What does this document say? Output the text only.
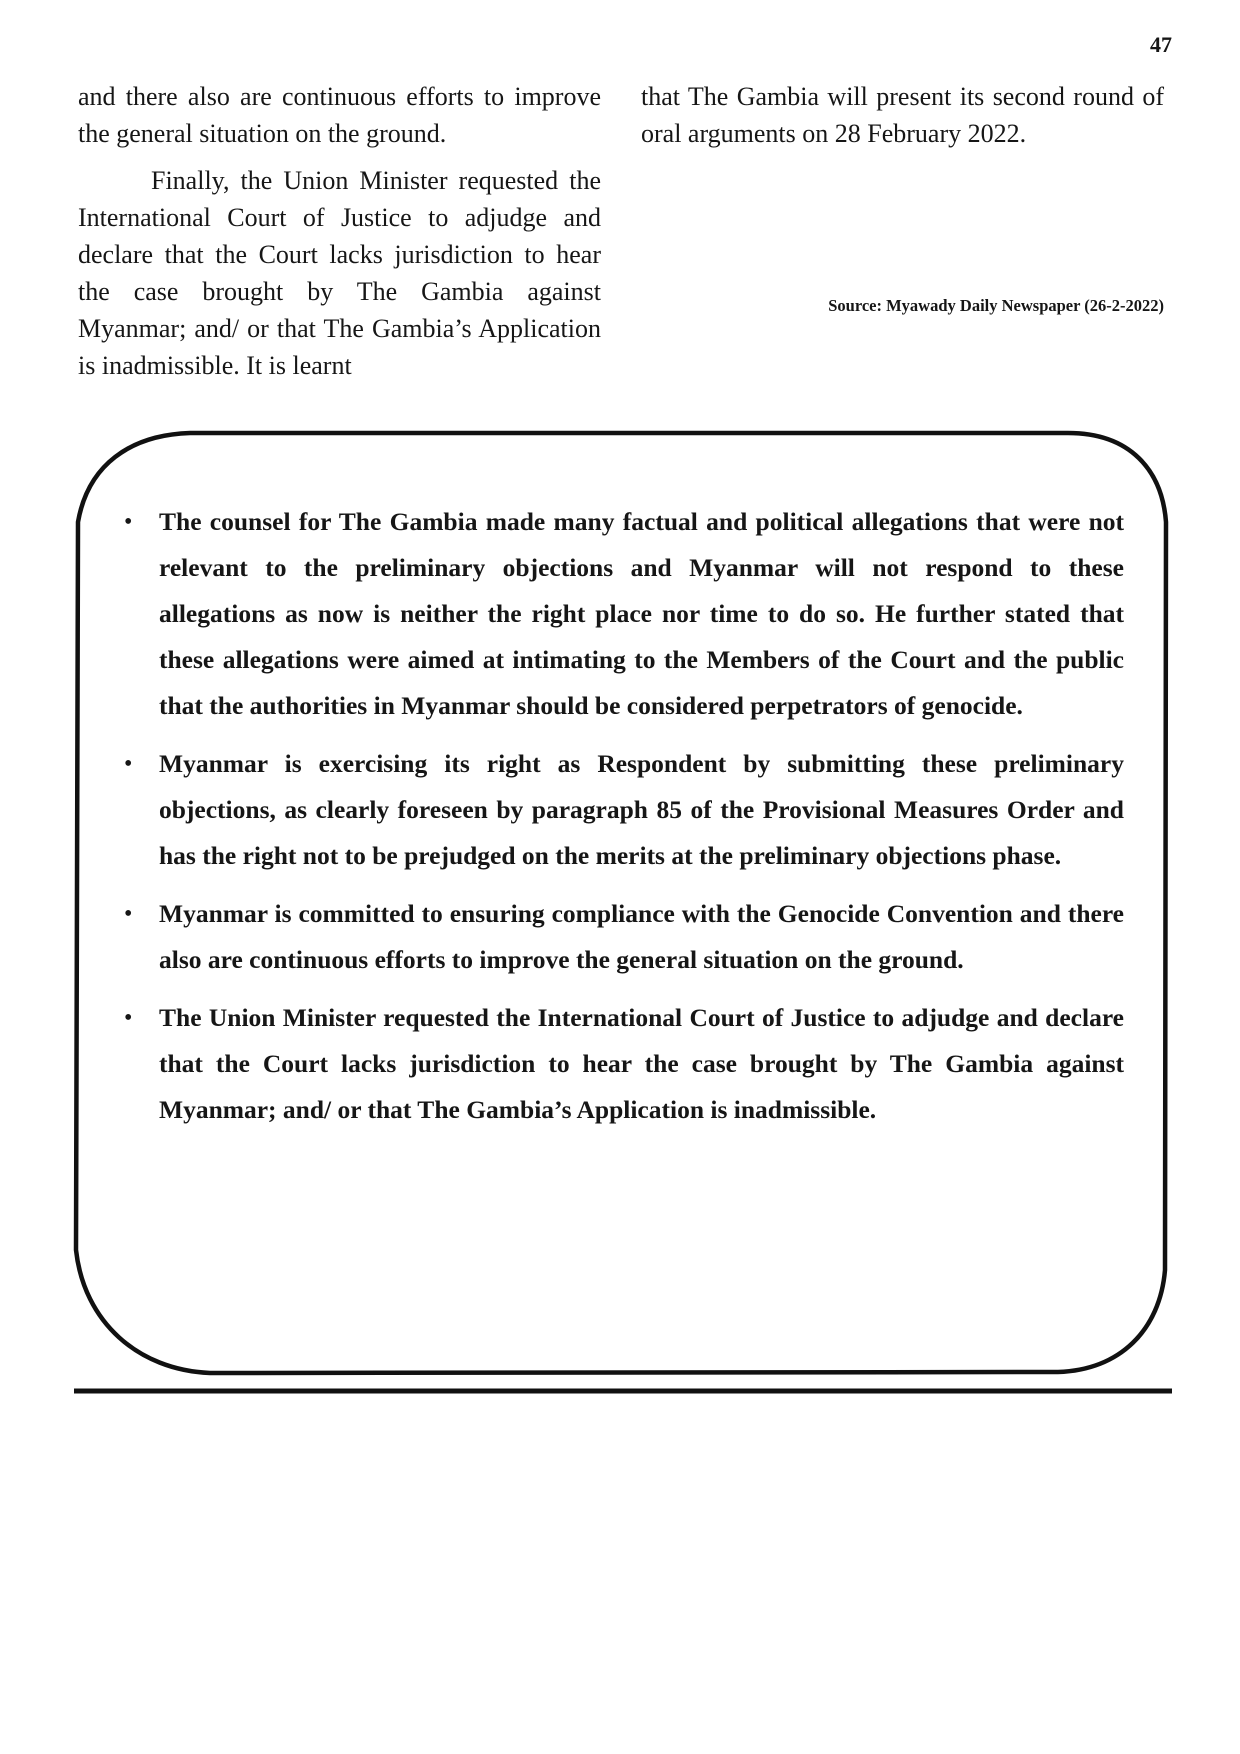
47

and there also are continuous efforts to improve the general situation on the ground.

Finally, the Union Minister requested the International Court of Justice to adjudge and declare that the Court lacks jurisdiction to hear the case brought by The Gambia against Myanmar; and/ or that The Gambia’s Application is inadmissible. It is learnt

that The Gambia will present its second round of oral arguments on 28 February 2022.

Source: Myawady Daily Newspaper (26-2-2022)
• The counsel for The Gambia made many factual and political allegations that were not relevant to the preliminary objections and Myanmar will not respond to these allegations as now is neither the right place nor time to do so. He further stated that these allegations were aimed at intimating to the Members of the Court and the public that the authorities in Myanmar should be considered perpetrators of genocide.
• Myanmar is exercising its right as Respondent by submitting these preliminary objections, as clearly foreseen by paragraph 85 of the Provisional Measures Order and has the right not to be prejudged on the merits at the preliminary objections phase.
• Myanmar is committed to ensuring compliance with the Genocide Convention and there also are continuous efforts to improve the general situation on the ground.
• The Union Minister requested the International Court of Justice to adjudge and declare that the Court lacks jurisdiction to hear the case brought by The Gambia against Myanmar; and/ or that The Gambia’s Application is inadmissible.
